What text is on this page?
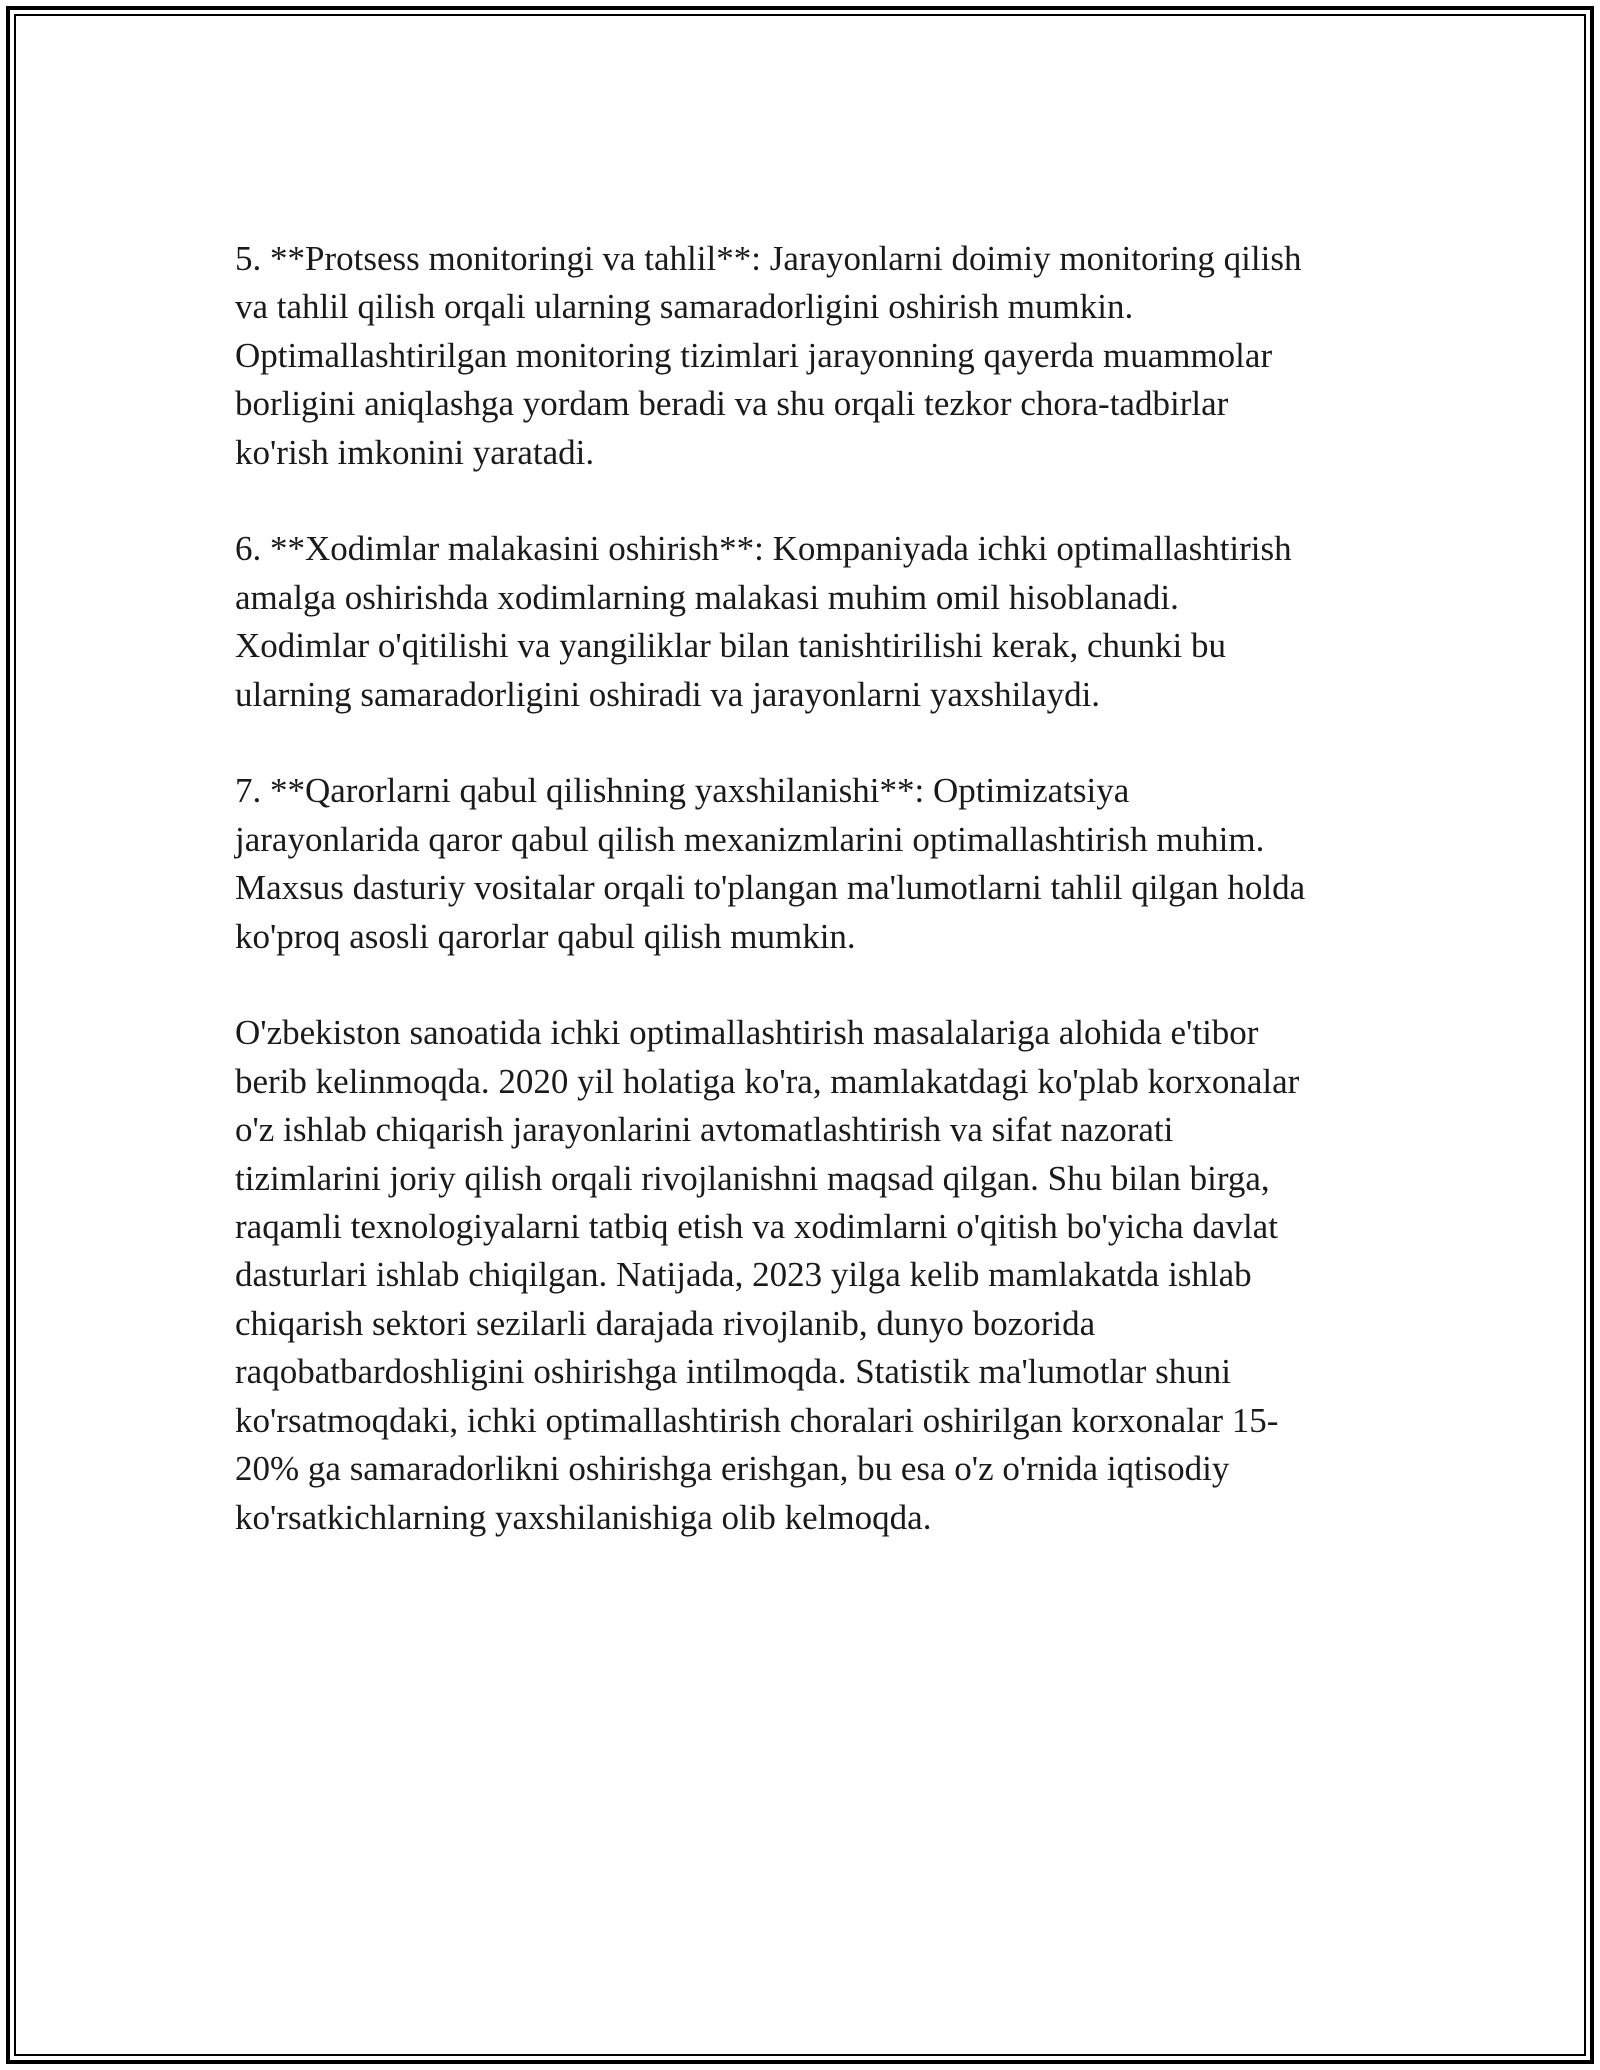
5. **Protsess monitoringi va tahlil**: Jarayonlarni doimiy monitoring qilish
va tahlil qilish orqali ularning samaradorligini oshirish mumkin.
Optimallashtirilgan monitoring tizimlari jarayonning qayerda muammolar
borligini aniqlashga yordam beradi va shu orqali tezkor chora-tadbirlar
ko'rish imkonini yaratadi.

6. **Xodimlar malakasini oshirish**: Kompaniyada ichki optimallashtirish
amalga oshirishda xodimlarning malakasi muhim omil hisoblanadi.
Xodimlar o'qitilishi va yangiliklar bilan tanishtirilishi kerak, chunki bu
ularning samaradorligini oshiradi va jarayonlarni yaxshilaydi.

7. **Qarorlarni qabul qilishning yaxshilanishi**: Optimizatsiya
jarayonlarida qaror qabul qilish mexanizmlarini optimallashtirish muhim.
Maxsus dasturiy vositalar orqali to'plangan ma'lumotlarni tahlil qilgan holda
ko'proq asosli qarorlar qabul qilish mumkin.

O'zbekiston sanoatida ichki optimallashtirish masalalariga alohida e'tibor
berib kelinmoqda. 2020 yil holatiga ko'ra, mamlakatdagi ko'plab korxonalar
o'z ishlab chiqarish jarayonlarini avtomatlashtirish va sifat nazorati
tizimlarini joriy qilish orqali rivojlanishni maqsad qilgan. Shu bilan birga,
raqamli texnologiyalarni tatbiq etish va xodimlarni o'qitish bo'yicha davlat
dasturlari ishlab chiqilgan. Natijada, 2023 yilga kelib mamlakatda ishlab
chiqarish sektori sezilarli darajada rivojlanib, dunyo bozorida
raqobatbardoshligini oshirishga intilmoqda. Statistik ma'lumotlar shuni
ko'rsatmoqdaki, ichki optimallashtirish choralari oshirilgan korxonalar 15-
20% ga samaradorlikni oshirishga erishgan, bu esa o'z o'rnida iqtisodiy
ko'rsatkichlarning yaxshilanishiga olib kelmoqda.
